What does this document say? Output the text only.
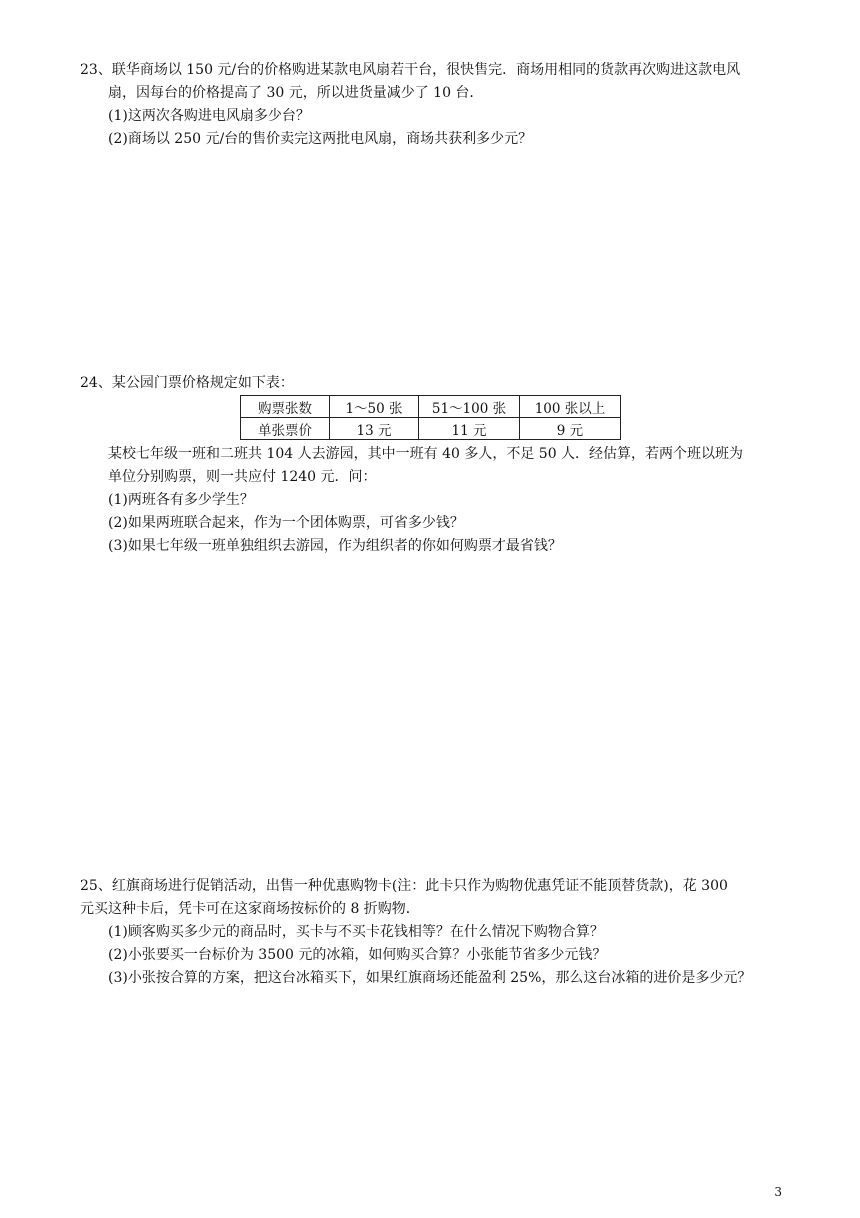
23、联华商场以 150 元/台的价格购进某款电风扇若干台，很快售完．商场用相同的货款再次购进这款电风
扇，因每台的价格提高了 30 元，所以进货量减少了 10 台．
(1)这两次各购进电风扇多少台？
(2)商场以 250 元/台的售价卖完这两批电风扇，商场共获利多少元？
24、某公园门票价格规定如下表：
购票张数	1～50 张	51～100 张	100 张以上
单张票价	13 元	11 元	9 元
某校七年级一班和二班共 104 人去游园，其中一班有 40 多人，不足 50 人．经估算，若两个班以班为
单位分别购票，则一共应付 1240 元．问：
(1)两班各有多少学生？
(2)如果两班联合起来，作为一个团体购票，可省多少钱？
(3)如果七年级一班单独组织去游园，作为组织者的你如何购票才最省钱？
25、红旗商场进行促销活动，出售一种优惠购物卡(注：此卡只作为购物优惠凭证不能顶替货款)，花 300
元买这种卡后，凭卡可在这家商场按标价的 8 折购物．
(1)顾客购买多少元的商品时，买卡与不买卡花钱相等？在什么情况下购物合算？
(2)小张要买一台标价为 3500 元的冰箱，如何购买合算？小张能节省多少元钱？
(3)小张按合算的方案，把这台冰箱买下，如果红旗商场还能盈利 25%，那么这台冰箱的进价是多少元？
3
